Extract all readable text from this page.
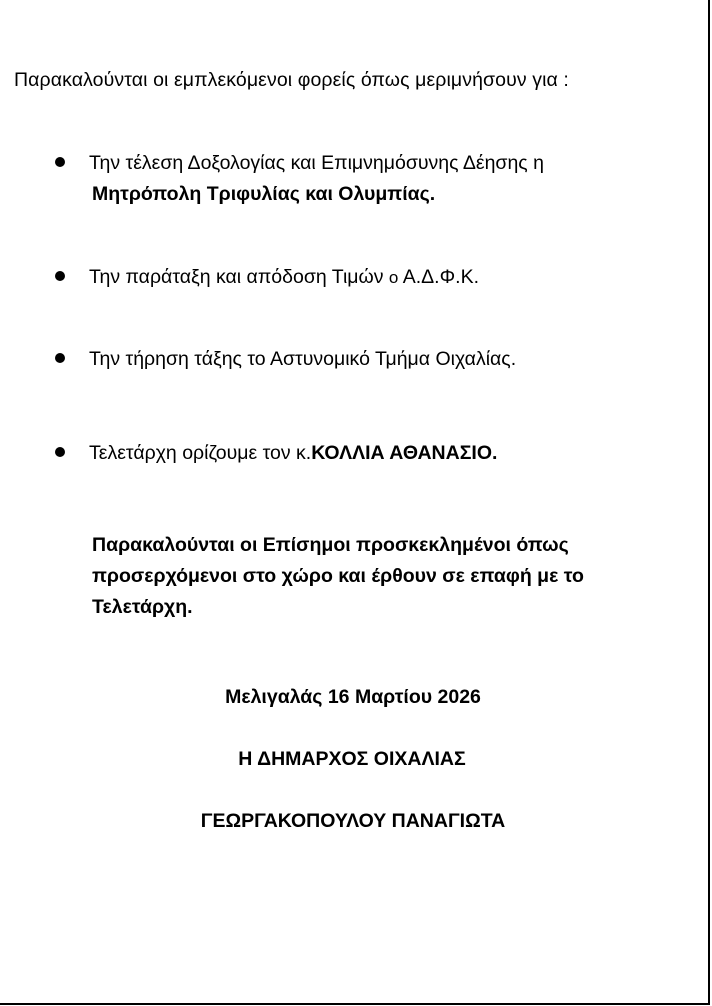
Παρακαλούνται οι εμπλεκόμενοι φορείς όπως μεριμνήσουν για :
Την τέλεση Δοξολογίας και Επιμνημόσυνης Δέησης η
Μητρόπολη Τριφυλίας και Ολυμπίας.
Την παράταξη και απόδοση Τιμών ο Α.Δ.Φ.Κ.
Την τήρηση τάξης το Αστυνομικό Τμήμα Οιχαλίας.
Τελετάρχη ορίζουμε τον κ.ΚΟΛΛΙΑ ΑΘΑΝΑΣΙΟ.
Παρακαλούνται οι Επίσημοι προσκεκλημένοι όπως
προσερχόμενοι στο χώρο και έρθουν σε επαφή με το
Τελετάρχη.
Μελιγαλάς 16 Μαρτίου 2026
Η ΔΗΜΑΡΧΟΣ ΟΙΧΑΛΙΑΣ
ΓΕΩΡΓΑΚΟΠΟΥΛΟΥ ΠΑΝΑΓΙΩΤΑ
